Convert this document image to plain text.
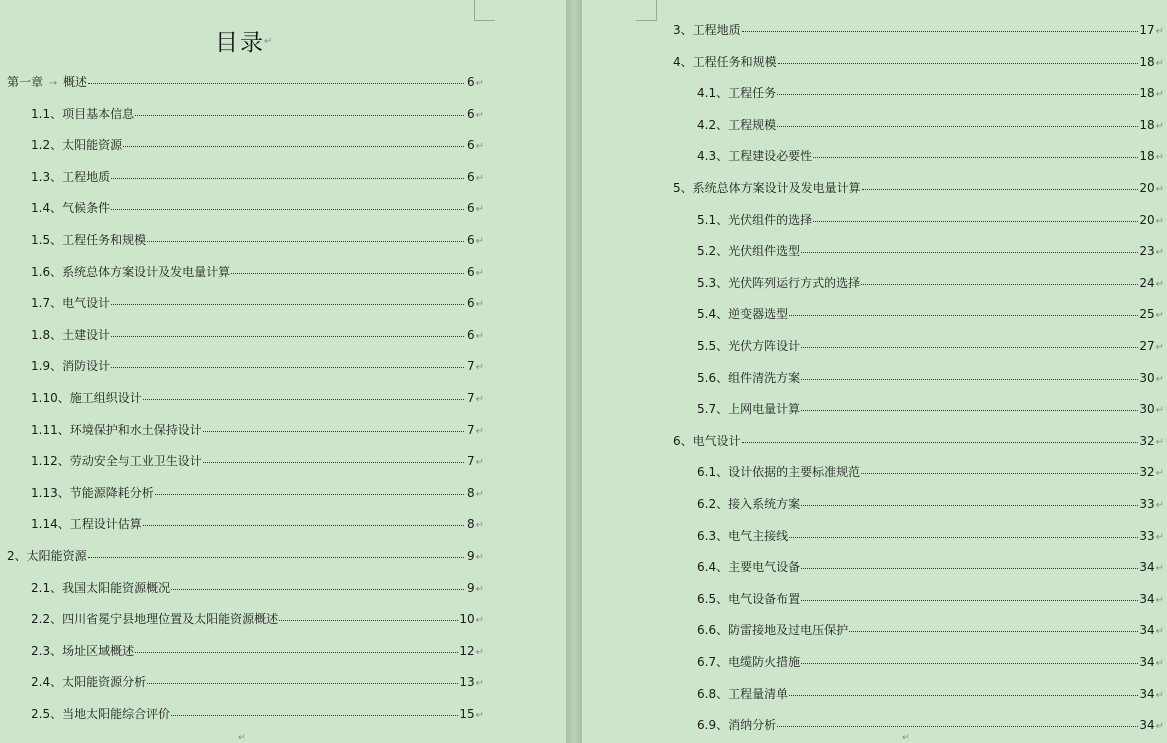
目录 ↵
第一章 → 概述	6 ↵
1.1、 项目基本信息	6 ↵
1.2、 太阳能资源	6 ↵
1.3、 工程地质	6 ↵
1.4、 气候条件	6 ↵
1.5、 工程任务和规模	6 ↵
1.6、 系统总体方案设计及发电量计算	6 ↵
1.7、 电气设计	6 ↵
1.8、 土建设计	6 ↵
1.9、 消防设计	7 ↵
1.10、 施工组织设计	7 ↵
1.11、 环境保护和水土保持设计	7 ↵
1.12、 劳动安全与工业卫生设计	7 ↵
1.13、 节能源降耗分析	8 ↵
1.14、 工程设计估算	8 ↵
2、 太阳能资源	9 ↵
2.1、 我国太阳能资源概况	9 ↵
2.2、 四川省冕宁县地理位置及太阳能资源概述	10 ↵
2.3、 场址区域概述	12 ↵
2.4、 太阳能资源分析	13 ↵
2.5、 当地太阳能综合评价	15 ↵
↵
3、 工程地质	17 ↵
4、 工程任务和规模	18 ↵
4.1、 工程任务	18 ↵
4.2、 工程规模	18 ↵
4.3、 工程建设必要性	18 ↵
5、 系统总体方案设计及发电量计算	20 ↵
5.1、 光伏组件的选择	20 ↵
5.2、 光伏组件选型	23 ↵
5.3、 光伏阵列运行方式的选择	24 ↵
5.4、 逆变器选型	25 ↵
5.5、 光伏方阵设计	27 ↵
5.6、 组件清洗方案	30 ↵
5.7、 上网电量计算	30 ↵
6、 电气设计	32 ↵
6.1、 设计依据的主要标准规范	32 ↵
6.2、 接入系统方案	33 ↵
6.3、 电气主接线	33 ↵
6.4、 主要电气设备	34 ↵
6.5、 电气设备布置	34 ↵
6.6、 防雷接地及过电压保护	34 ↵
6.7、 电缆防火措施	34 ↵
6.8、 工程量清单	34 ↵
6.9、 消纳分析	34 ↵
↵
